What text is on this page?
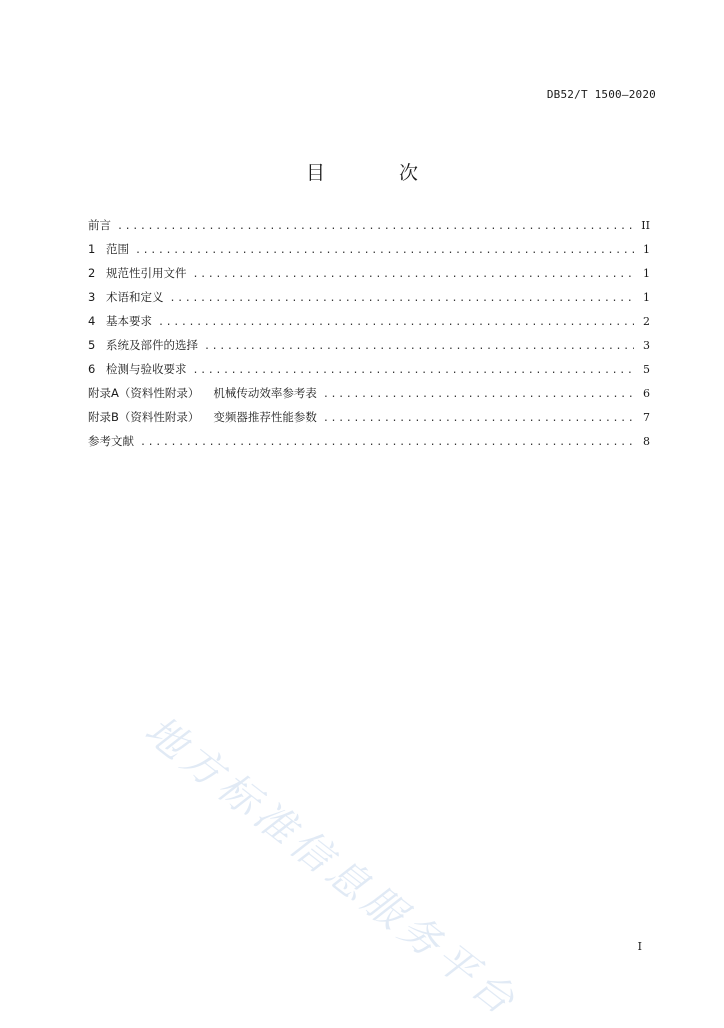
DB52/T 1500—2020
目 次
前言 .....	II
1 范围 .....	1
2 规范性引用文件 .....	1
3 术语和定义 .....	1
4 基本要求 .....	2
5 系统及部件的选择 .....	3
6 检测与验收要求 .....	5
附录A（资料性附录） 机械传动效率参考表 .....	6
附录B（资料性附录） 变频器推荐性能参数 .....	7
参考文献 .....	8
地方标准信息服务平台	I
